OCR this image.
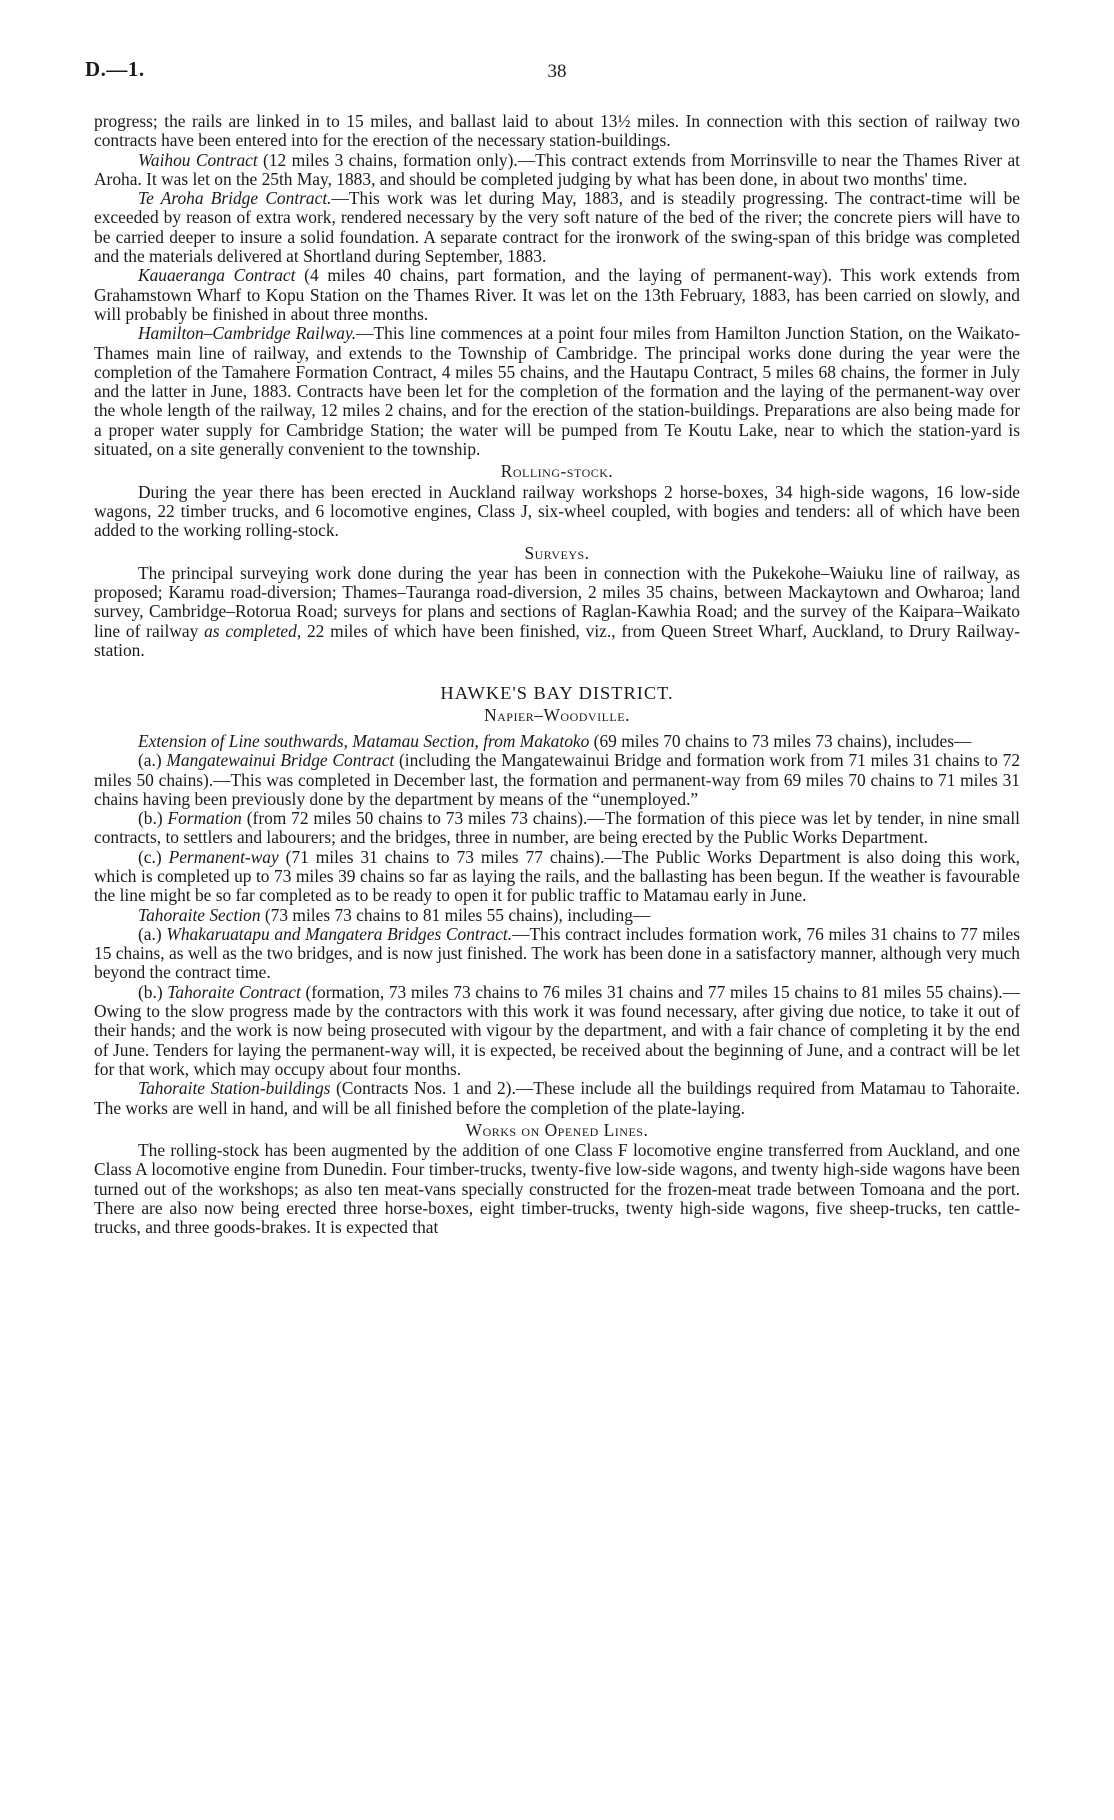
D.—1.	38

progress; the rails are linked in to 15 miles, and ballast laid to about 13½ miles. In connection with this section of railway two contracts have been entered into for the erection of the necessary station-buildings.

Waihou Contract (12 miles 3 chains, formation only).—This contract extends from Morrinsville to near the Thames River at Aroha. It was let on the 25th May, 1883, and should be completed judging by what has been done, in about two months' time.

Te Aroha Bridge Contract.—This work was let during May, 1883, and is steadily progressing. The contract-time will be exceeded by reason of extra work, rendered necessary by the very soft nature of the bed of the river; the concrete piers will have to be carried deeper to insure a solid foundation. A separate contract for the ironwork of the swing-span of this bridge was completed and the materials delivered at Shortland during September, 1883.

Kauaeranga Contract (4 miles 40 chains, part formation, and the laying of permanent-way). This work extends from Grahamstown Wharf to Kopu Station on the Thames River. It was let on the 13th February, 1883, has been carried on slowly, and will probably be finished in about three months.

Hamilton–Cambridge Railway.—This line commences at a point four miles from Hamilton Junction Station, on the Waikato-Thames main line of railway, and extends to the Township of Cambridge. The principal works done during the year were the completion of the Tamahere Formation Contract, 4 miles 55 chains, and the Hautapu Contract, 5 miles 68 chains, the former in July and the latter in June, 1883. Contracts have been let for the completion of the formation and the laying of the permanent-way over the whole length of the railway, 12 miles 2 chains, and for the erection of the station-buildings. Preparations are also being made for a proper water supply for Cambridge Station; the water will be pumped from Te Koutu Lake, near to which the station-yard is situated, on a site generally convenient to the township.

Rolling-stock.

During the year there has been erected in Auckland railway workshops 2 horse-boxes, 34 high-side wagons, 16 low-side wagons, 22 timber trucks, and 6 locomotive engines, Class J, six-wheel coupled, with bogies and tenders: all of which have been added to the working rolling-stock.

Surveys.

The principal surveying work done during the year has been in connection with the Pukekohe–Waiuku line of railway, as proposed; Karamu road-diversion; Thames–Tauranga road-diversion, 2 miles 35 chains, between Mackaytown and Owharoa; land survey, Cambridge–Rotorua Road; surveys for plans and sections of Raglan-Kawhia Road; and the survey of the Kaipara–Waikato line of railway as completed, 22 miles of which have been finished, viz., from Queen Street Wharf, Auckland, to Drury Railway-station.

HAWKE'S BAY DISTRICT.
Napier–Woodville.

Extension of Line southwards, Matamau Section, from Makatoko (69 miles 70 chains to 73 miles 73 chains), includes—

(a.) Mangatewainui Bridge Contract (including the Mangatewainui Bridge and formation work from 71 miles 31 chains to 72 miles 50 chains).—This was completed in December last, the formation and permanent-way from 69 miles 70 chains to 71 miles 31 chains having been previously done by the department by means of the “unemployed.”

(b.) Formation (from 72 miles 50 chains to 73 miles 73 chains).—The formation of this piece was let by tender, in nine small contracts, to settlers and labourers; and the bridges, three in number, are being erected by the Public Works Department.

(c.) Permanent-way (71 miles 31 chains to 73 miles 77 chains).—The Public Works Department is also doing this work, which is completed up to 73 miles 39 chains so far as laying the rails, and the ballasting has been begun. If the weather is favourable the line might be so far completed as to be ready to open it for public traffic to Matamau early in June.

Tahoraite Section (73 miles 73 chains to 81 miles 55 chains), including—

(a.) Whakaruatapu and Mangatera Bridges Contract.—This contract includes formation work, 76 miles 31 chains to 77 miles 15 chains, as well as the two bridges, and is now just finished. The work has been done in a satisfactory manner, although very much beyond the contract time.

(b.) Tahoraite Contract (formation, 73 miles 73 chains to 76 miles 31 chains and 77 miles 15 chains to 81 miles 55 chains).—Owing to the slow progress made by the contractors with this work it was found necessary, after giving due notice, to take it out of their hands; and the work is now being prosecuted with vigour by the department, and with a fair chance of completing it by the end of June. Tenders for laying the permanent-way will, it is expected, be received about the beginning of June, and a contract will be let for that work, which may occupy about four months.

Tahoraite Station-buildings (Contracts Nos. 1 and 2).—These include all the buildings required from Matamau to Tahoraite. The works are well in hand, and will be all finished before the completion of the plate-laying.

Works on Opened Lines.

The rolling-stock has been augmented by the addition of one Class F locomotive engine transferred from Auckland, and one Class A locomotive engine from Dunedin. Four timber-trucks, twenty-five low-side wagons, and twenty high-side wagons have been turned out of the workshops; as also ten meat-vans specially constructed for the frozen-meat trade between Tomoana and the port. There are also now being erected three horse-boxes, eight timber-trucks, twenty high-side wagons, five sheep-trucks, ten cattle-trucks, and three goods-brakes. It is expected that
